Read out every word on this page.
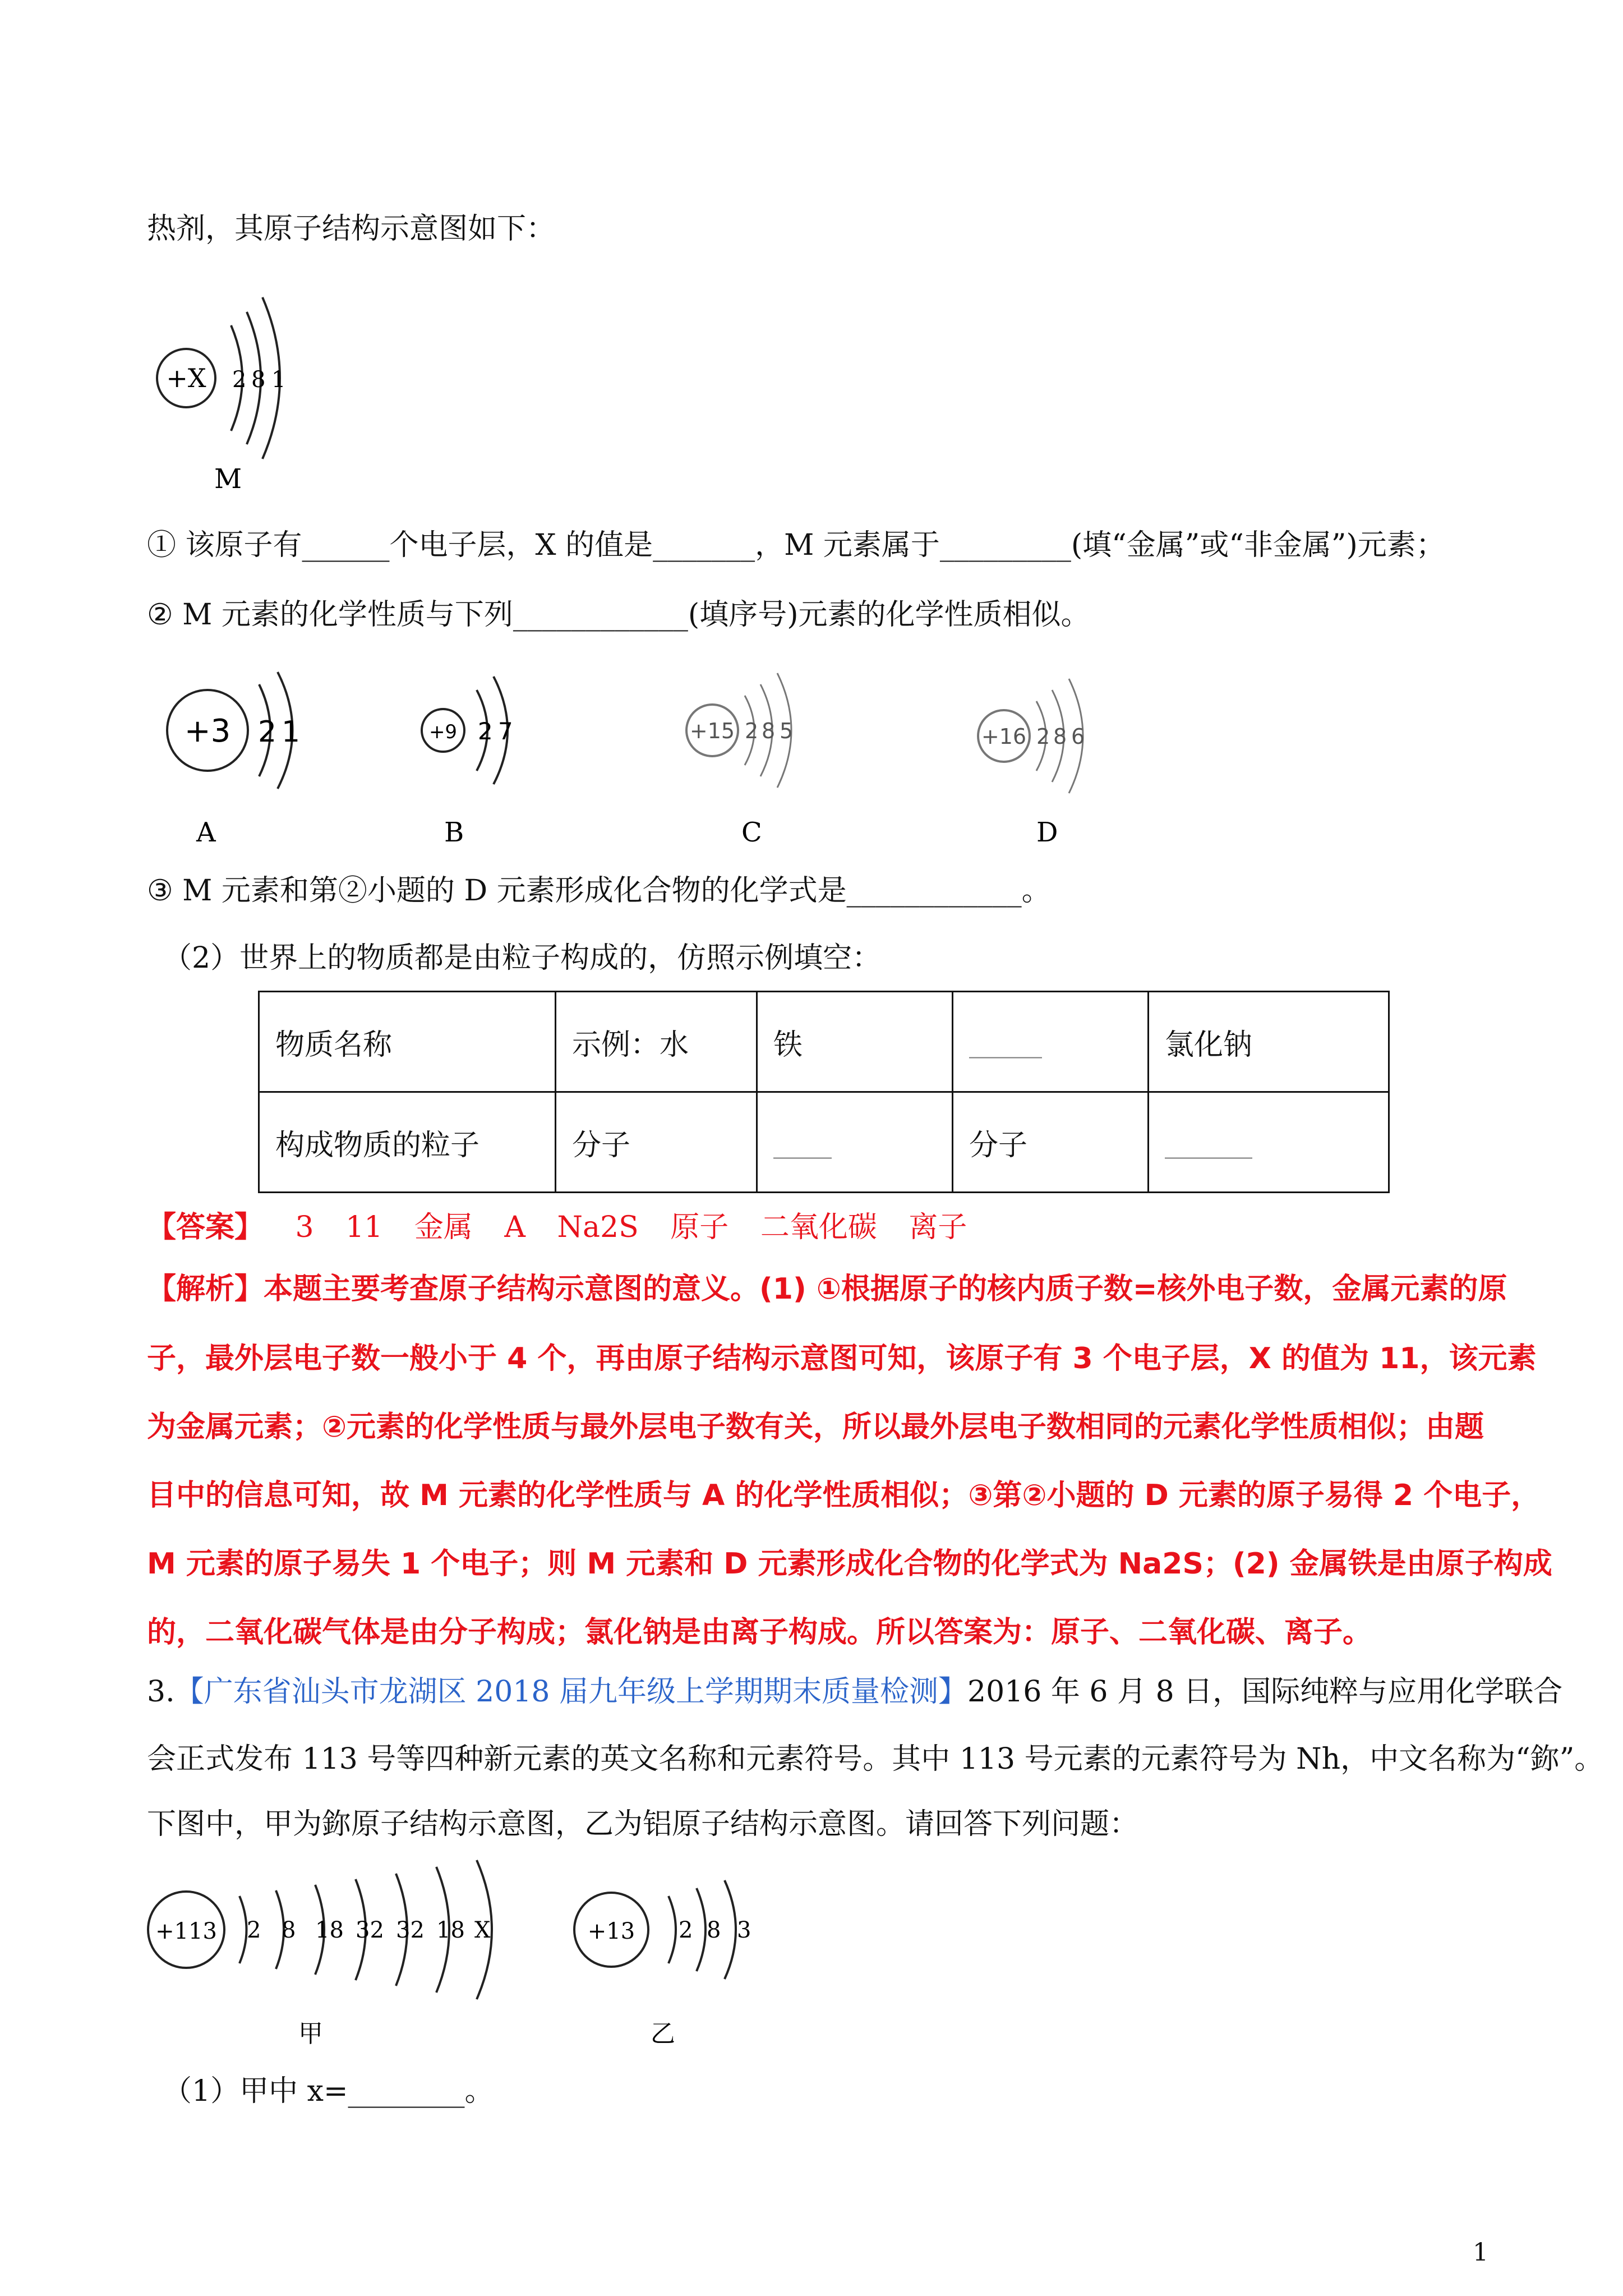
热剂，其原子结构示意图如下：
+X 2 8 1
M
① 该原子有______个电子层，X 的值是_______，M 元素属于_________(填“金属”或“非金属”)元素；
② M 元素的化学性质与下列____________(填序号)元素的化学性质相似。
+3 2 1
A
+9 2 7
B
+15 2 8 5
C
+16 2 8 6
D
③ M 元素和第②小题的 D 元素形成化合物的化学式是____________。
（2）世界上的物质都是由粒子构成的，仿照示例填空：
物质名称	示例：水	铁	_____	氯化钠
构成物质的粒子	分子	____	分子	______
【答案】 3 11 金属 A Na2S 原子 二氧化碳 离子
【解析】本题主要考查原子结构示意图的意义。(1) ①根据原子的核内质子数=核外电子数，金属元素的原
子，最外层电子数一般小于 4 个，再由原子结构示意图可知，该原子有 3 个电子层，X 的值为 11，该元素
为金属元素；②元素的化学性质与最外层电子数有关，所以最外层电子数相同的元素化学性质相似；由题
目中的信息可知，故 M 元素的化学性质与 A 的化学性质相似；③第②小题的 D 元素的原子易得 2 个电子，
M 元素的原子易失 1 个电子；则 M 元素和 D 元素形成化合物的化学式为 Na2S；(2) 金属铁是由原子构成
的，二氧化碳气体是由分子构成；氯化钠是由离子构成。所以答案为：原子、二氧化碳、离子。
3.【广东省汕头市龙湖区 2018 届九年级上学期期末质量检测】2016 年 6 月 8 日，国际纯粹与应用化学联合
会正式发布 113 号等四种新元素的英文名称和元素符号。其中 113 号元素的元素符号为 Nh，中文名称为“鉨”。
下图中，甲为鉨原子结构示意图，乙为铝原子结构示意图。请回答下列问题：
+113 2 8 18 32 32 18 X
甲
+13 2 8 3
乙
（1）甲中 x=________。
1
